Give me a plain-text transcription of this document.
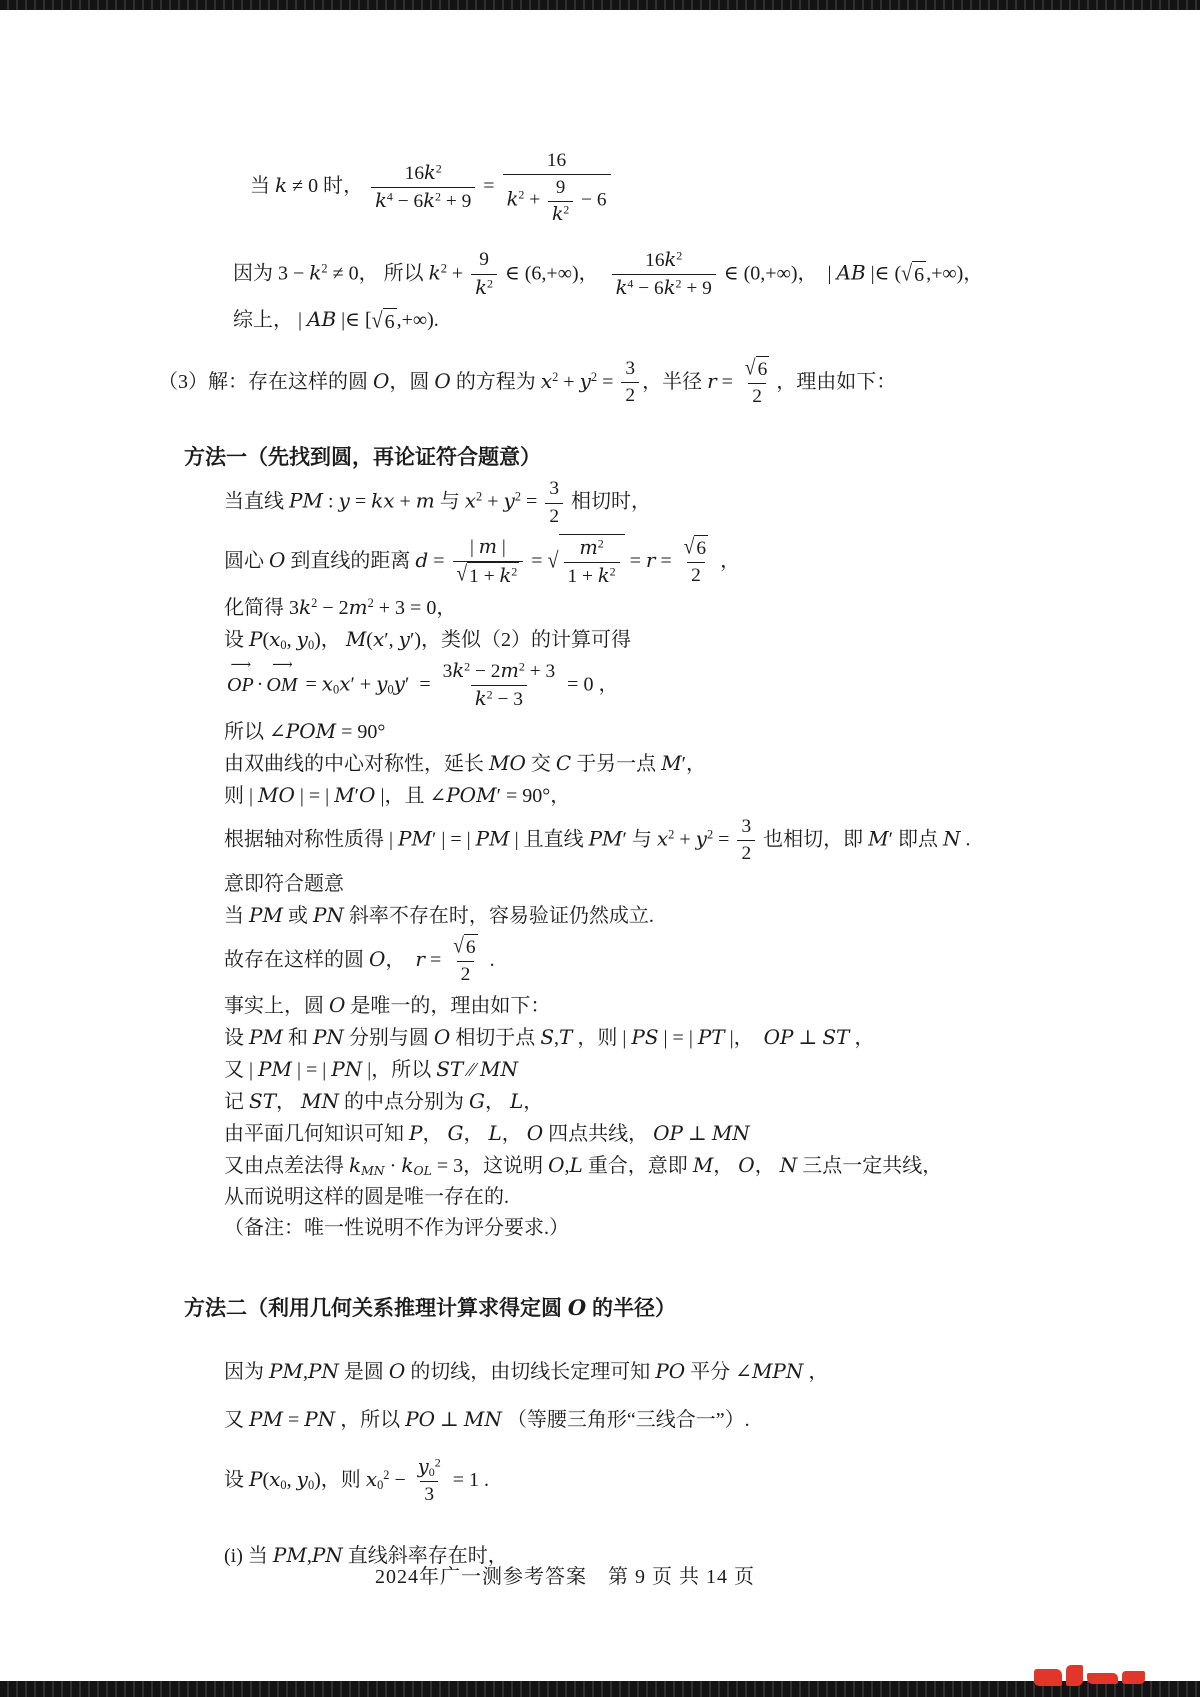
当 k ≠ 0 时， $\frac{16k^2}{k^4 - 6k^2 + 9} = \frac{16}{k^2 + \frac{9}{k^2} - 6}$
因为 $3 - k^2 \ne 0$， 所以 $k^2 + \frac{9}{k^2}$ ∈ (6,+∞)， $\frac{16k^2}{k^4 - 6k^2 + 9}$ ∈ (0,+∞)，  | AB |∈ ( √ 6 ,+∞)，
综上， | AB |∈ [ √ 6 ,+∞).
（3）解：存在这样的圆 O，圆 O 的方程为 $x^2 + y^2 = \frac{3}{2}$ ，半径 $r = \frac{√ 6}{2}$ ，理由如下：
方法一（先找到圆，再论证符合题意）
当直线 PM : y = kx + m 与 $x^2 + y^2 = \frac{3}{2}$ 相切时，
圆心 O 到直线的距离 $d = \frac{| m |}{√ 1 + k^2}$ = √ $\frac{m^2}{1 + k^2} = r = \frac{√ 6}{2}$ ，
化简得 $3k^2 - 2m^2 + 3 = 0$，
设 $P(x_0$, $y_0$)， M(x′, y′)，类似（2）的计算可得
⟶ OP · ⟶ OM = $x_0x' + y_0y' = \frac{3k^2 - 2m^2 + 3}{k^2 - 3} = 0$ ，
所以 ∠POM = 90°
由双曲线的中心对称性，延长 MO 交 C 于另一点 M′，
则 | MO | = | M′O |，且 ∠POM′ = 90°，
根据轴对称性质得 | PM′ | = | PM | 且直线 PM′ 与 $x^2 + y^2 = \frac{3}{2}$ 也相切，即 M′ 即点 N .
意即符合题意
当 PM 或 PN 斜率不存在时，容易验证仍然成立.
故存在这样的圆 O，  $r = \frac{√ 6}{2}$ .
事实上，圆 O 是唯一的，理由如下：
设 PM 和 PN 分别与圆 O 相切于点 S,T ，则 | PS | = | PT |，  OP ⊥ ST ，
又 | PM | = | PN |，所以 ST ∕∕ MN
记 ST， MN 的中点分别为 G， L，
由平面几何知识可知 P， G， L， O 四点共线， OP ⊥ MN
又由点差法得 $k_{MN} \cdot k_{OL} = 3$，这说明 O,L 重合，意即 M， O， N 三点一定共线，
从而说明这样的圆是唯一存在的.
（备注：唯一性说明不作为评分要求.）
方法二（利用几何关系推理计算求得定圆 O 的半径）
因为 PM,PN 是圆 O 的切线，由切线长定理可知 PO 平分 ∠MPN ，
又 PM = PN ，所以 PO ⊥ MN （等腰三角形“三线合一”）.
设 $P(x_0$, $y_0$)，则 $x_0^2 - \frac{y_0^2}{3} = 1$ .
(i) 当 PM,PN 直线斜率存在时，
2024年广一测参考答案　第 9 页 共 14 页
